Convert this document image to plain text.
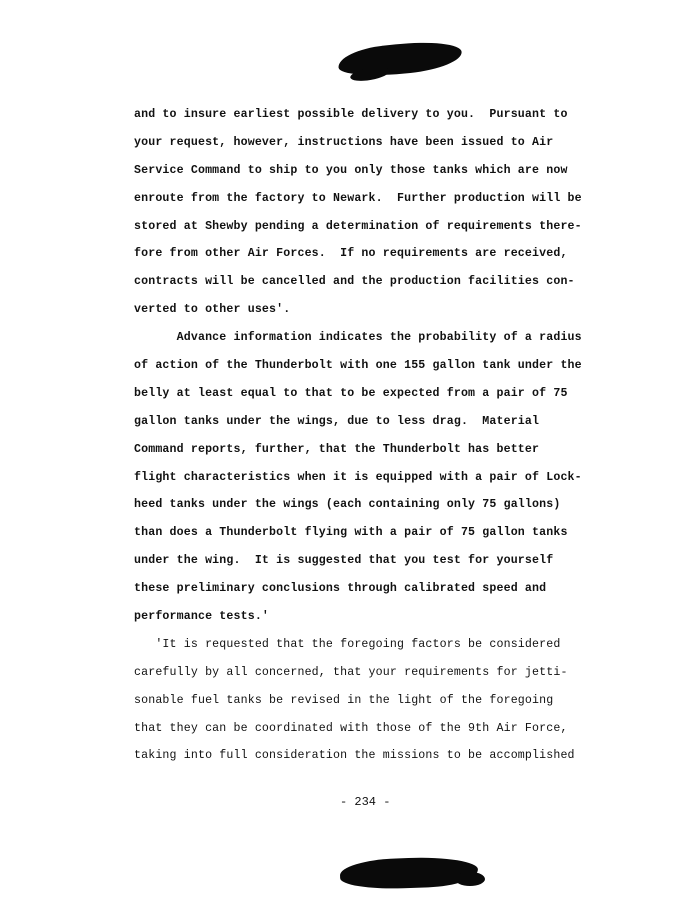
and to insure earliest possible delivery to you.  Pursuant to
your request, however, instructions have been issued to Air
Service Command to ship to you only those tanks which are now
enroute from the factory to Newark.  Further production will be
stored at Shewby pending a determination of requirements there-
fore from other Air Forces.  If no requirements are received,
contracts will be cancelled and the production facilities con-
verted to other uses'.
Advance information indicates the probability of a radius
of action of the Thunderbolt with one 155 gallon tank under the
belly at least equal to that to be expected from a pair of 75
gallon tanks under the wings, due to less drag.  Material
Command reports, further, that the Thunderbolt has better
flight characteristics when it is equipped with a pair of Lock-
heed tanks under the wings (each containing only 75 gallons)
than does a Thunderbolt flying with a pair of 75 gallon tanks
under the wing.  It is suggested that you test for yourself
these preliminary conclusions through calibrated speed and
performance tests.'
'It is requested that the foregoing factors be considered
carefully by all concerned, that your requirements for jetti-
sonable fuel tanks be revised in the light of the foregoing
that they can be coordinated with those of the 9th Air Force,
taking into full consideration the missions to be accomplished
- 234 -
